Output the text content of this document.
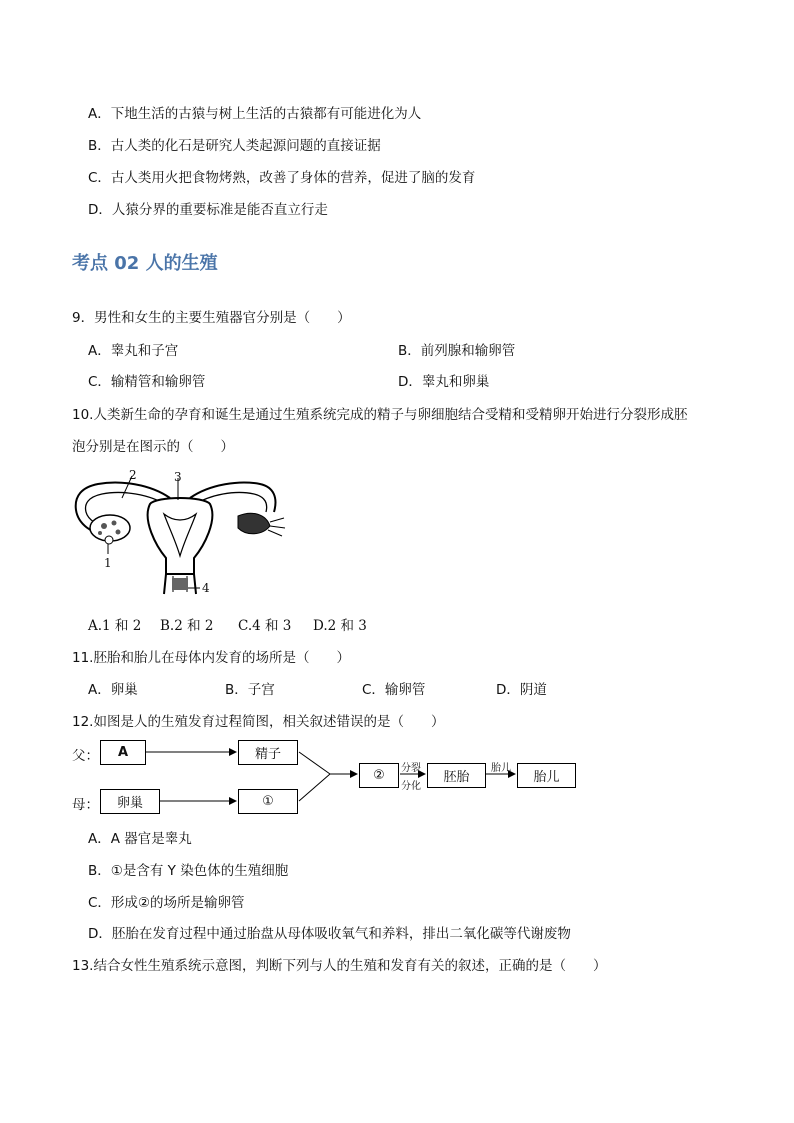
A．下地生活的古猿与树上生活的古猿都有可能进化为人
B．古人类的化石是研究人类起源问题的直接证据
C．古人类用火把食物烤熟，改善了身体的营养，促进了脑的发育
D．人猿分界的重要标准是能否直立行走
考点 02 人的生殖
9．男性和女生的主要生殖器官分别是（　　）
A．睾丸和子宫	B．前列腺和输卵管
C．输精管和输卵管	D．睾丸和卵巢
10.人类新生命的孕育和诞生是通过生殖系统完成的精子与卵细胞结合受精和受精卵开始进行分裂形成胚
泡分别是在图示的（　　）
2	3
1
4
A.1 和 2 B.2 和 2 C.4 和 3 D.2 和 3
11.胚胎和胎儿在母体内发育的场所是（　　）
A．卵巢	B．子宫	C．输卵管	D．阴道
12.如图是人的生殖发育过程简图，相关叙述错误的是（　　）
父：
母：
A	精子
卵巢	①
②	分裂
分化
胚胎
胎儿
胎儿
A．A 器官是睾丸
B．①是含有 Y 染色体的生殖细胞
C．形成②的场所是输卵管
D．胚胎在发育过程中通过胎盘从母体吸收氧气和养料，排出二氧化碳等代谢废物
13.结合女性生殖系统示意图，判断下列与人的生殖和发育有关的叙述，正确的是（　　）
